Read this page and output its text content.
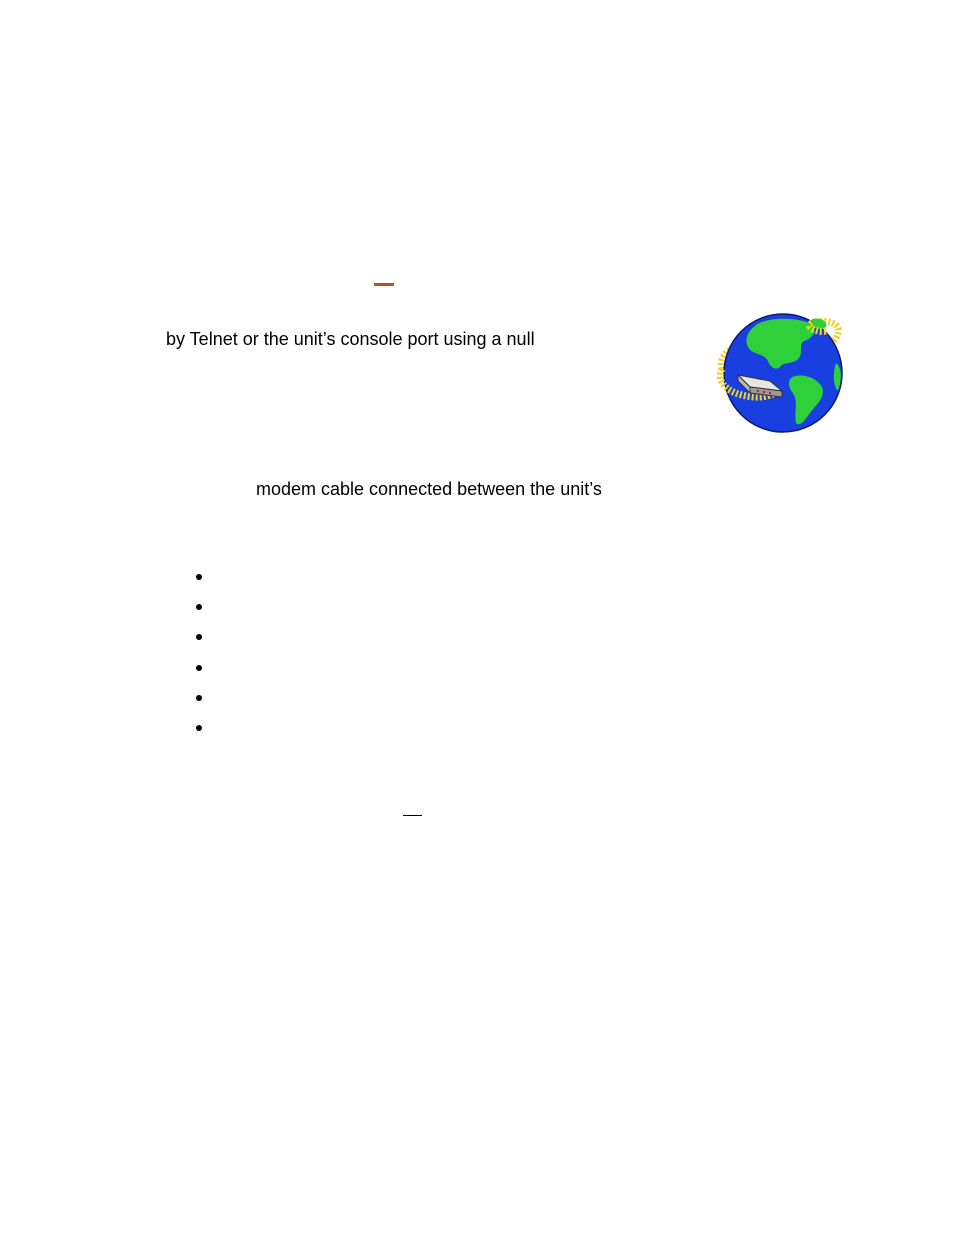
by Telnet or the unit’s console port using a null
modem cable connected between the unit’s
